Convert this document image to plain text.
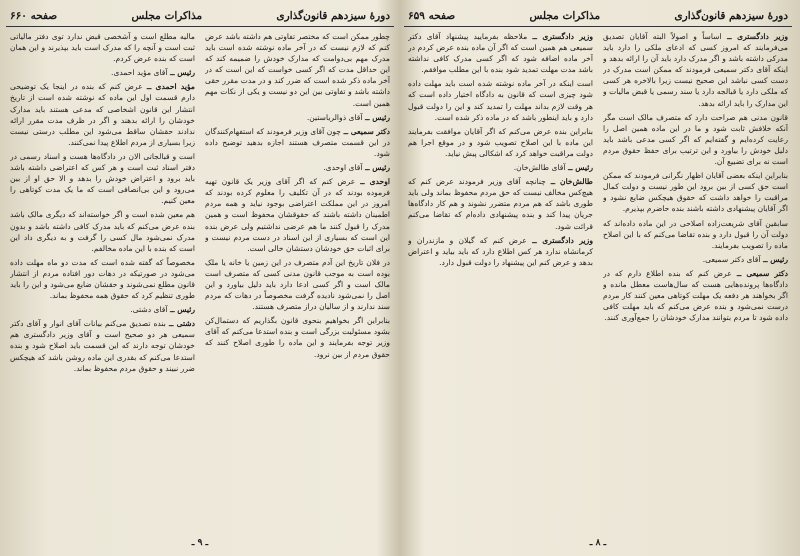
دورهٔ سیزدهم قانون‌گذاری
مذاکرات مجلس
صفحه ۶۶۰

چطور ممکن است که مختصر تفاوتی هم داشته باشد عرض کنم که لازم نیست که در آخر ماده نوشته شده است باید مدرک مهم بی‌دوامت که مدارک خودش را ضمیمه کند که این حداقل مدت که اگر کسی خواست که این است که در آخر ماده ذکر شده است که ضرر کند و در مدت مقرر حقی داشته باشد و تفاوتی بین این دو نیست و یکی از نکات مهم همین است.

رئیس ــ آقای ذوالریاستین.

دکتر سمیعی ــ چون آقای وزیر فرمودند که استفهام‌کنندگان در این قسمت متصرف هستند اجازه بدهید توضیح داده شود.

رئیس ــ آقای اوحدی.

اوحدی ــ عرض کنم که اگر آقای وزیر یک قانون تهیه فرموده بودند که در آن تکلیف را معلوم کرده بودند که امروز در این مملکت اعتراضی بوجود نیاید و همه مردم اطمینان داشته باشند که حقوقشان محفوظ است و همین مدرک را قبول کنند ما هم عرضی نداشتیم ولی عرض بنده این است که بسیاری از این اسناد در دست مردم نیست و برای اثبات حق خودشان دستشان خالی است.

در فلان تاریخ این آدم متصرف در این زمین یا خانه یا ملک بوده است به موجب قانون مدنی کسی که متصرف است مالک است و اگر کسی ادعا دارد باید دلیل بیاورد و این اصل را نمی‌شود نادیده گرفت مخصوصاً در دهات که مردم سند ندارند و از سالیان دراز متصرف هستند.

بنابراین اگر بخواهیم بنحوی قانون بگذاریم که دستمال‌کن بشود مسئولیت بزرگی است و بنده استدعا می‌کنم که آقای وزیر توجه بفرمایند و این ماده را طوری اصلاح کنند که حقوق مردم از بین نرود.

مالیه مطلع است و آشخصی قبض ندارد توی دفتر مالیاتی ثبت است و آنچه را که مدرک است باید بپذیرند و این همان است که بنده عرض کردم.

رئیس ــ آقای مؤید احمدی.

مؤید احمدی ــ عرض کنم که بنده در اینجا یک توضیحی دارم قسمت اول این ماده که نوشته شده است از تاریخ انتشار این قانون اشخاصی که مدعی هستند باید مدارک خودشان را ارائه بدهند و اگر در ظرف مدت مقرر ارائه ندادند حقشان ساقط می‌شود این مطلب درستی نیست زیرا بسیاری از مردم اطلاع پیدا نمی‌کنند.

است و قبالجاتی الان در دادگاه‌ها هست و اسناد رسمی در دفتر اسناد ثبت است و هر کس که اعتراضی داشته باشد باید برود و اعتراض خودش را بدهد و الا حق او از بین می‌رود و این بی‌انصافی است که ما یک مدت کوتاهی را معین کنیم.

هم معین شده است و اگر خواسته‌اند که دیگری مالک باشد بنده عرض می‌کنم که باید مدرک کافی داشته باشد و بدون مدرک نمی‌شود مال کسی را گرفت و به دیگری داد این است که بنده با این ماده مخالفم.

مخصوصاً که گفته شده است که مدت دو ماه مهلت داده می‌شود در صورتیکه در دهات دور افتاده مردم از انتشار قانون مطلع نمی‌شوند و حقشان ضایع می‌شود و این را باید طوری تنظیم کرد که حقوق همه محفوظ بماند.

رئیس ــ آقای دشتی.

دشتی ــ بنده تصدیق می‌کنم بیانات آقای انوار و آقای دکتر سمیعی هر دو صحیح است و آقای وزیر دادگستری هم خودشان توجه دارند که این قسمت باید اصلاح شود و بنده استدعا می‌کنم که بقدری این ماده روشن باشد که هیچکس ضرر نبیند و حقوق مردم محفوظ بماند.

ـ ۹ ـ
دورهٔ سیزدهم قانون‌گذاری
مذاکرات مجلس
صفحه ۶۵۹

وزیر دادگستری ــ اساساً و اصولاً البته آقایان تصدیق می‌فرمایند که امروز کسی که ادعای ملکی را دارد باید مدرکی داشته باشد و اگر مدرک دارد باید آن را ارائه بدهد و اینکه آقای دکتر سمیعی فرمودند که ممکن است مدرک در دست کسی نباشد این صحیح نیست زیرا بالاخره هر کسی که ملکی دارد یا قبالجه دارد یا سند رسمی یا قبض مالیات و این مدارک را باید ارائه بدهد.

قانون مدنی هم صراحت دارد که متصرف مالک است مگر آنکه خلافش ثابت شود و ما در این ماده همین اصل را رعایت کرده‌ایم و گفته‌ایم که اگر کسی مدعی باشد باید دلیل خودش را بیاورد و این ترتیب برای حفظ حقوق مردم است نه برای تضییع آن.

بنابراین اینکه بعضی آقایان اظهار نگرانی فرمودند که ممکن است حق کسی از بین برود این طور نیست و دولت کمال مراقبت را خواهد داشت که حقوق هیچکس ضایع نشود و اگر آقایان پیشنهادی داشته باشند بنده حاضرم بپذیرم.

سابقین آقای شریعت‌زاده اصلاحی در این ماده داده‌اند که دولت آن را قبول دارد و بنده تقاضا می‌کنم که با این اصلاح ماده را تصویب بفرمایند.

رئیس ــ آقای دکتر سمیعی.

دکتر سمیعی ــ عرض کنم که بنده اطلاع دارم که در دادگاه‌ها پرونده‌هایی هست که سال‌هاست معطل مانده و اگر بخواهند هر دفعه یک مهلت کوتاهی معین کنند کار مردم درست نمی‌شود و بنده عرض می‌کنم که باید مهلت کافی داده شود تا مردم بتوانند مدارک خودشان را جمع‌آوری کنند.

وزیر دادگستری ــ ملاحظه بفرمایید پیشنهاد آقای دکتر سمیعی هم همین است که اگر آن ماده بنده عرض کردم در آخر ماده اضافه شود که اگر کسی مدرک کافی نداشته باشد مدت مهلت تمدید شود بنده با این مطلب موافقم.

است اینکه در آخر ماده نوشته شده است باید مهلت داده شود چیزی است که قانون به دادگاه اختیار داده است که هر وقت لازم بداند مهلت را تمدید کند و این را دولت قبول دارد و باید اینطور باشد که در ماده ذکر شده است.

بنابراین بنده عرض می‌کنم که اگر آقایان موافقت بفرمایند این ماده با این اصلاح تصویب شود و در موقع اجرا هم دولت مراقبت خواهد کرد که اشکالی پیش نیاید.

رئیس ــ آقای طالش‌خان.

طالش‌خان ــ چنانچه آقای وزیر فرمودند عرض کنم که هیچ‌کس مخالف نیست که حق مردم محفوظ بماند ولی باید طوری باشد که هم مردم متضرر نشوند و هم کار دادگاه‌ها جریان پیدا کند و بنده پیشنهادی داده‌ام که تقاضا می‌کنم قرائت شود.

وزیر دادگستری ــ عرض کنم که گیلان و مازندران و کرمانشاه ندارد هر کس اطلاع دارد که باید بیاید و اعتراض بدهد و عرض کنم این پیشنهاد را دولت قبول دارد.

ـ ۸ ـ
